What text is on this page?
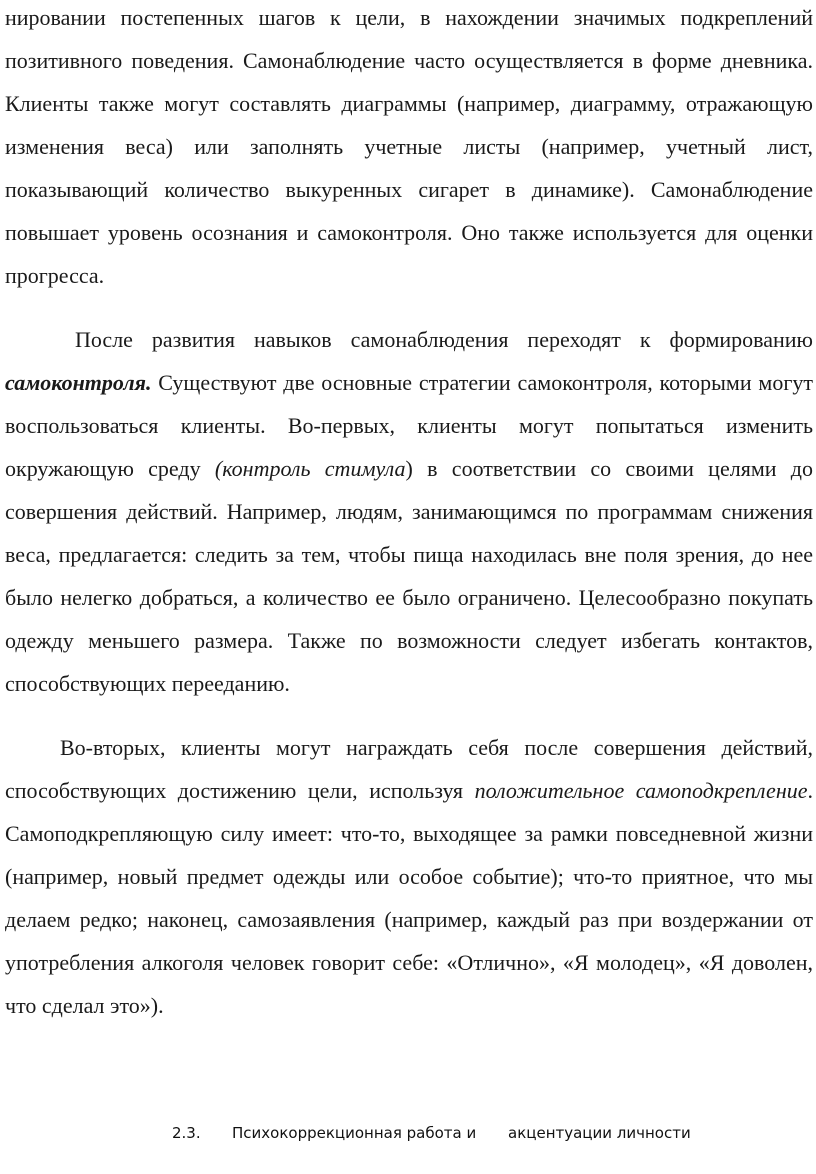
нировании постепенных шагов к цели, в нахождении значимых подкреплений позитивного поведения. Самонаблюдение часто осуществляется в форме дневника. Клиенты также могут составлять диаграммы (например, диаграмму, отражающую изменения веса) или заполнять учетные листы (например, учетный лист, показывающий количество выкуренных сигарет в динамике). Самонаблюдение повышает уровень осознания и самоконтроля. Оно также используется для оценки прогресса.

После развития навыков самонаблюдения переходят к формированию самоконтроля. Существуют две основные стратегии самоконтроля, которыми могут воспользоваться клиенты. Во-первых, клиенты могут попытаться изменить окружающую среду (контроль стимула) в соответствии со своими целями до совершения действий. Например, людям, занимающимся по программам снижения веса, предлагается: следить за тем, чтобы пища находилась вне поля зрения, до нее было нелегко добраться, а количество ее было ограничено. Целесообразно покупать одежду меньшего размера. Также по возможности следует избегать контактов, способствующих перееданию.

Во-вторых, клиенты могут награждать себя после совершения действий, способствующих достижению цели, используя положительное самоподкрепление. Самоподкрепляющую силу имеет: что-то, выходящее за рамки повседневной жизни (например, новый предмет одежды или особое событие); что-то приятное, что мы делаем редко; наконец, самозаявления (например, каждый раз при воздержании от употребления алкоголя человек говорит себе: «Отлично», «Я молодец», «Я доволен, что сделал это»).

2.3. Психокоррекционная работа и акцентуации личности
